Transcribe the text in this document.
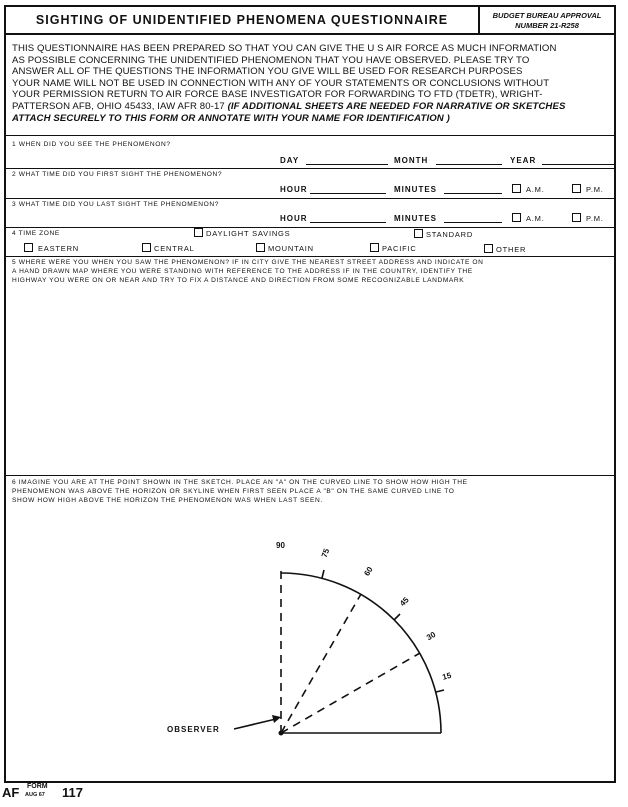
SIGHTING OF UNIDENTIFIED PHENOMENA QUESTIONNAIRE	BUDGET BUREAU APPROVAL
NUMBER 21-R258
THIS QUESTIONNAIRE HAS BEEN PREPARED SO THAT YOU CAN GIVE THE U S AIR FORCE AS MUCH INFORMATION
AS POSSIBLE CONCERNING THE UNIDENTIFIED PHENOMENON THAT YOU HAVE OBSERVED. PLEASE TRY TO
ANSWER ALL OF THE QUESTIONS THE INFORMATION YOU GIVE WILL BE USED FOR RESEARCH PURPOSES
YOUR NAME WILL NOT BE USED IN CONNECTION WITH ANY OF YOUR STATEMENTS OR CONCLUSIONS WITHOUT
YOUR PERMISSION RETURN TO AIR FORCE BASE INVESTIGATOR FOR FORWARDING TO FTD (TDETR), WRIGHT-
PATTERSON AFB, OHIO 45433, IAW AFR 80-17 (IF ADDITIONAL SHEETS ARE NEEDED FOR NARRATIVE OR SKETCHES
ATTACH SECURELY TO THIS FORM OR ANNOTATE WITH YOUR NAME FOR IDENTIFICATION )
1 WHEN DID YOU SEE THE PHENOMENON?
DAY	MONTH	YEAR
2 WHAT TIME DID YOU FIRST SIGHT THE PHENOMENON?
HOUR	MINUTES	A.M.	P.M.
3 WHAT TIME DID YOU LAST SIGHT THE PHENOMENON?
HOUR	MINUTES	A.M.	P.M.
4 TIME ZONE	DAYLIGHT SAVINGS	STANDARD
EASTERN	CENTRAL	MOUNTAIN	PACIFIC	OTHER
5 WHERE WERE YOU WHEN YOU SAW THE PHENOMENON? IF IN CITY GIVE THE NEAREST STREET ADDRESS AND INDICATE ON
A HAND DRAWN MAP WHERE YOU WERE STANDING WITH REFERENCE TO THE ADDRESS IF IN THE COUNTRY, IDENTIFY THE
HIGHWAY YOU WERE ON OR NEAR AND TRY TO FIX A DISTANCE AND DIRECTION FROM SOME RECOGNIZABLE LANDMARK
6 IMAGINE YOU ARE AT THE POINT SHOWN IN THE SKETCH. PLACE AN "A" ON THE CURVED LINE TO SHOW HOW HIGH THE
PHENOMENON WAS ABOVE THE HORIZON OR SKYLINE WHEN FIRST SEEN PLACE A "B" ON THE SAME CURVED LINE TO
SHOW HOW HIGH ABOVE THE HORIZON THE PHENOMENON WAS WHEN LAST SEEN.
90
75
60
45
30
15
OBSERVER
AF FORM
AUG 67 117
